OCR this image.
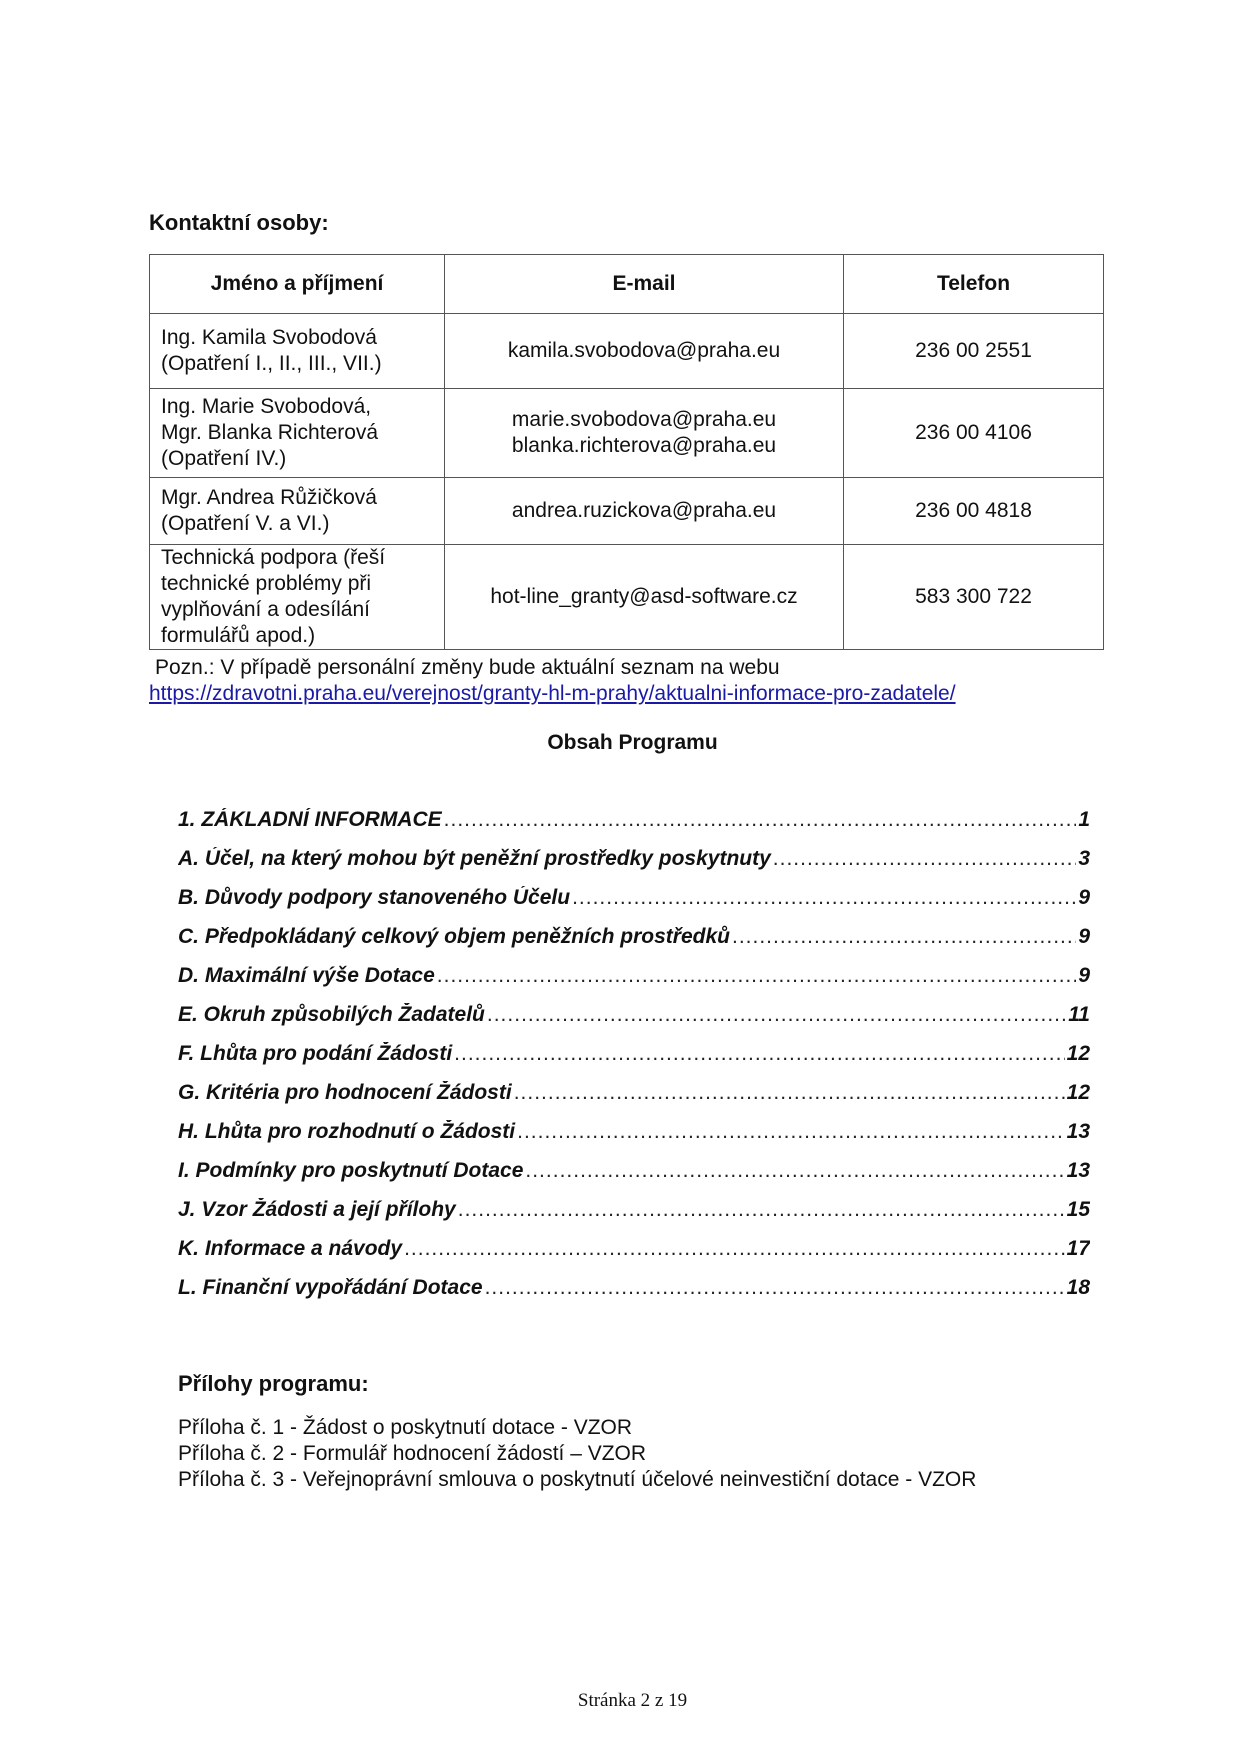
Kontaktní osoby:
Jméno a příjmení	E-mail	Telefon

Ing. Kamila Svobodová
(Opatření I., II., III., VII.)	kamila.svobodova@praha.eu	236 00 2551

Ing. Marie Svobodová,
Mgr. Blanka Richterová
(Opatření IV.)	marie.svobodova@praha.eu
blanka.richterova@praha.eu	236 00 4106

Mgr. Andrea Růžičková
(Opatření V. a VI.)	andrea.ruzickova@praha.eu	236 00 4818

Technická podpora (řeší
technické problémy při
vyplňování a odesílání
formulářů apod.)	hot-line_granty@asd-software.cz	583 300 722
Pozn.: V případě personální změny bude aktuální seznam na webu
https://zdravotni.praha.eu/verejnost/granty-hl-m-prahy/aktualni-informace-pro-zadatele/
Obsah Programu
1. ZÁKLADNÍ INFORMACE .....	1
A. Účel, na který mohou být peněžní prostředky poskytnuty .....	3
B. Důvody podpory stanoveného Účelu .....	9
C. Předpokládaný celkový objem peněžních prostředků .....	9
D. Maximální výše Dotace .....	9
E. Okruh způsobilých Žadatelů .....	11
F. Lhůta pro podání Žádosti .....	12
G. Kritéria pro hodnocení Žádosti .....	12
H. Lhůta pro rozhodnutí o Žádosti .....	13
I. Podmínky pro poskytnutí Dotace .....	13
J. Vzor Žádosti a její přílohy .....	15
K. Informace a návody .....	17
L. Finanční vypořádání Dotace .....	18
Přílohy programu:
Příloha č. 1 - Žádost o poskytnutí dotace - VZOR
Příloha č. 2 - Formulář hodnocení žádostí – VZOR
Příloha č. 3 - Veřejnoprávní smlouva o poskytnutí účelové neinvestiční dotace - VZOR
Stránka 2 z 19
